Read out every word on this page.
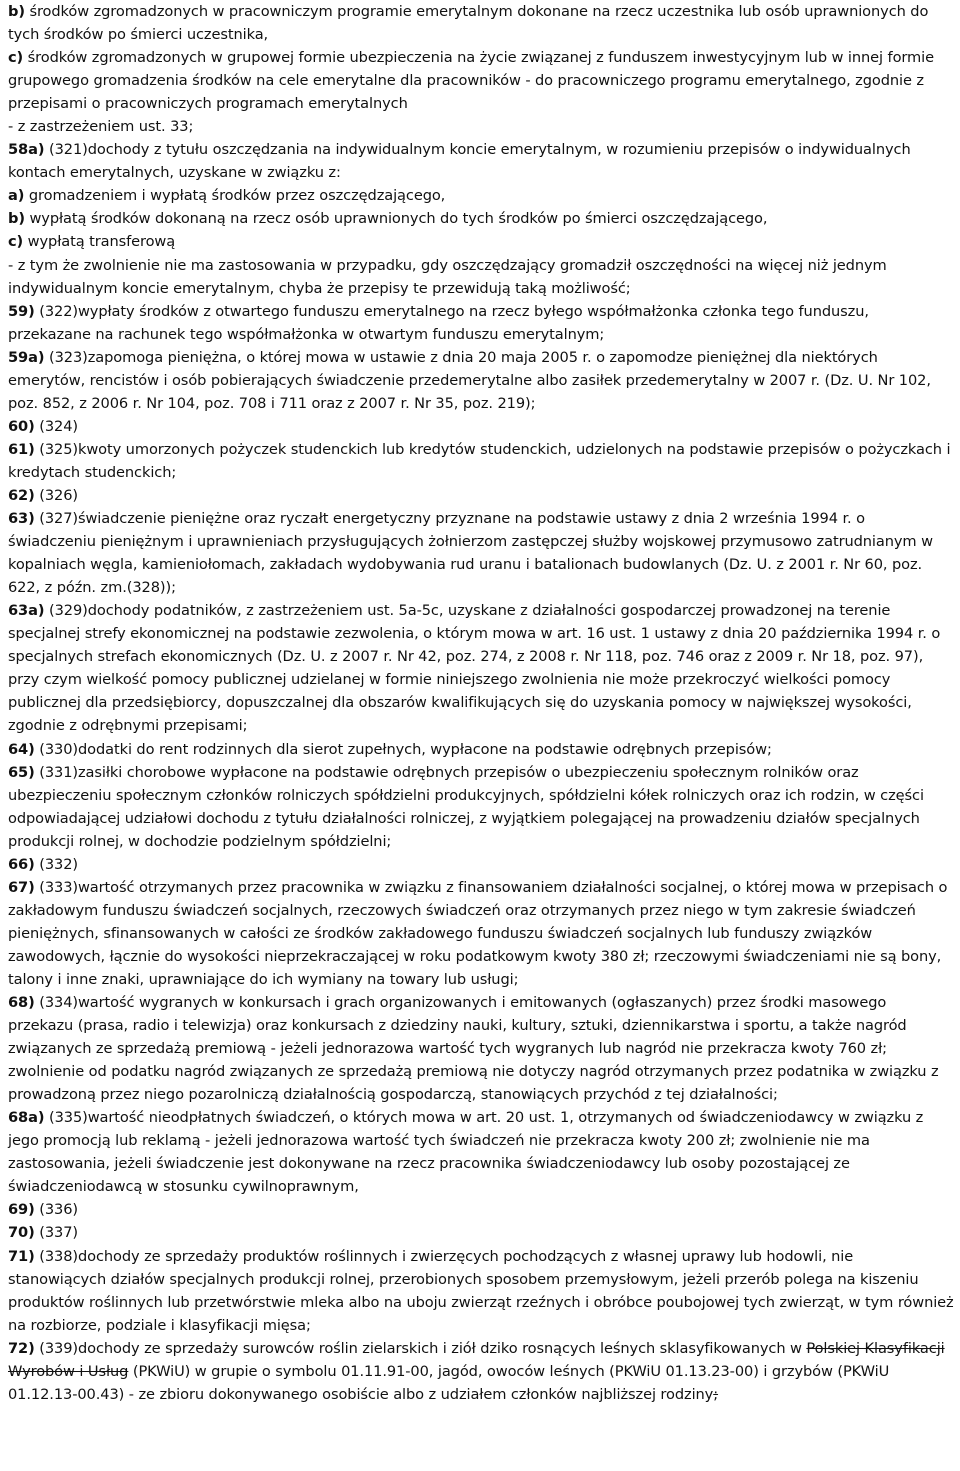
b) środków zgromadzonych w pracowniczym programie emerytalnym dokonane na rzecz uczestnika lub osób uprawnionych do tych środków po śmierci uczestnika,

c) środków zgromadzonych w grupowej formie ubezpieczenia na życie związanej z funduszem inwestycyjnym lub w innej formie grupowego gromadzenia środków na cele emerytalne dla pracowników - do pracowniczego programu emerytalnego, zgodnie z przepisami o pracowniczych programach emerytalnych

- z zastrzeżeniem ust. 33;

58a) (321)dochody z tytułu oszczędzania na indywidualnym koncie emerytalnym, w rozumieniu przepisów o indywidualnych kontach emerytalnych, uzyskane w związku z:

a) gromadzeniem i wypłatą środków przez oszczędzającego,

b) wypłatą środków dokonaną na rzecz osób uprawnionych do tych środków po śmierci oszczędzającego,

c) wypłatą transferową

- z tym że zwolnienie nie ma zastosowania w przypadku, gdy oszczędzający gromadził oszczędności na więcej niż jednym indywidualnym koncie emerytalnym, chyba że przepisy te przewidują taką możliwość;

59) (322)wypłaty środków z otwartego funduszu emerytalnego na rzecz byłego współmałżonka członka tego funduszu, przekazane na rachunek tego współmałżonka w otwartym funduszu emerytalnym;

59a) (323)zapomoga pieniężna, o której mowa w ustawie z dnia 20 maja 2005 r. o zapomodze pieniężnej dla niektórych emerytów, rencistów i osób pobierających świadczenie przedemerytalne albo zasiłek przedemerytalny w 2007 r. (Dz. U. Nr 102, poz. 852, z 2006 r. Nr 104, poz. 708 i 711 oraz z 2007 r. Nr 35, poz. 219);

60) (324)

61) (325)kwoty umorzonych pożyczek studenckich lub kredytów studenckich, udzielonych na podstawie przepisów o pożyczkach i kredytach studenckich;

62) (326)

63) (327)świadczenie pieniężne oraz ryczałt energetyczny przyznane na podstawie ustawy z dnia 2 września 1994 r. o świadczeniu pieniężnym i uprawnieniach przysługujących żołnierzom zastępczej służby wojskowej przymusowo zatrudnianym w kopalniach węgla, kamieniołomach, zakładach wydobywania rud uranu i batalionach budowlanych (Dz. U. z 2001 r. Nr 60, poz. 622, z późn. zm.(328));

63a) (329)dochody podatników, z zastrzeżeniem ust. 5a-5c, uzyskane z działalności gospodarczej prowadzonej na terenie specjalnej strefy ekonomicznej na podstawie zezwolenia, o którym mowa w art. 16 ust. 1 ustawy z dnia 20 października 1994 r. o specjalnych strefach ekonomicznych (Dz. U. z 2007 r. Nr 42, poz. 274, z 2008 r. Nr 118, poz. 746 oraz z 2009 r. Nr 18, poz. 97), przy czym wielkość pomocy publicznej udzielanej w formie niniejszego zwolnienia nie może przekroczyć wielkości pomocy publicznej dla przedsiębiorcy, dopuszczalnej dla obszarów kwalifikujących się do uzyskania pomocy w największej wysokości, zgodnie z odrębnymi przepisami;

64) (330)dodatki do rent rodzinnych dla sierot zupełnych, wypłacone na podstawie odrębnych przepisów;

65) (331)zasiłki chorobowe wypłacone na podstawie odrębnych przepisów o ubezpieczeniu społecznym rolników oraz ubezpieczeniu społecznym członków rolniczych spółdzielni produkcyjnych, spółdzielni kółek rolniczych oraz ich rodzin, w części odpowiadającej udziałowi dochodu z tytułu działalności rolniczej, z wyjątkiem polegającej na prowadzeniu działów specjalnych produkcji rolnej, w dochodzie podzielnym spółdzielni;

66) (332)

67) (333)wartość otrzymanych przez pracownika w związku z finansowaniem działalności socjalnej, o której mowa w przepisach o zakładowym funduszu świadczeń socjalnych, rzeczowych świadczeń oraz otrzymanych przez niego w tym zakresie świadczeń pieniężnych, sfinansowanych w całości ze środków zakładowego funduszu świadczeń socjalnych lub funduszy związków zawodowych, łącznie do wysokości nieprzekraczającej w roku podatkowym kwoty 380 zł; rzeczowymi świadczeniami nie są bony, talony i inne znaki, uprawniające do ich wymiany na towary lub usługi;

68) (334)wartość wygranych w konkursach i grach organizowanych i emitowanych (ogłaszanych) przez środki masowego przekazu (prasa, radio i telewizja) oraz konkursach z dziedziny nauki, kultury, sztuki, dziennikarstwa i sportu, a także nagród związanych ze sprzedażą premiową - jeżeli jednorazowa wartość tych wygranych lub nagród nie przekracza kwoty 760 zł; zwolnienie od podatku nagród związanych ze sprzedażą premiową nie dotyczy nagród otrzymanych przez podatnika w związku z prowadzoną przez niego pozarolniczą działalnością gospodarczą, stanowiących przychód z tej działalności;

68a) (335)wartość nieodpłatnych świadczeń, o których mowa w art. 20 ust. 1, otrzymanych od świadczeniodawcy w związku z jego promocją lub reklamą - jeżeli jednorazowa wartość tych świadczeń nie przekracza kwoty 200 zł; zwolnienie nie ma zastosowania, jeżeli świadczenie jest dokonywane na rzecz pracownika świadczeniodawcy lub osoby pozostającej ze świadczeniodawcą w stosunku cywilnoprawnym,

69) (336)

70) (337)

71) (338)dochody ze sprzedaży produktów roślinnych i zwierzęcych pochodzących z własnej uprawy lub hodowli, nie stanowiących działów specjalnych produkcji rolnej, przerobionych sposobem przemysłowym, jeżeli przerób polega na kiszeniu produktów roślinnych lub przetwórstwie mleka albo na uboju zwierząt rzeźnych i obróbce poubojowej tych zwierząt, w tym również na rozbiorze, podziale i klasyfikacji mięsa;

72) (339)dochody ze sprzedaży surowców roślin zielarskich i ziół dziko rosnących leśnych sklasyfikowanych w Polskiej Klasyfikacji Wyrobów i Usług (PKWiU) w grupie o symbolu 01.11.91-00, jagód, owoców leśnych (PKWiU 01.13.23-00) i grzybów (PKWiU 01.12.13-00.43) - ze zbioru dokonywanego osobiście albo z udziałem członków najbliższej rodziny;
